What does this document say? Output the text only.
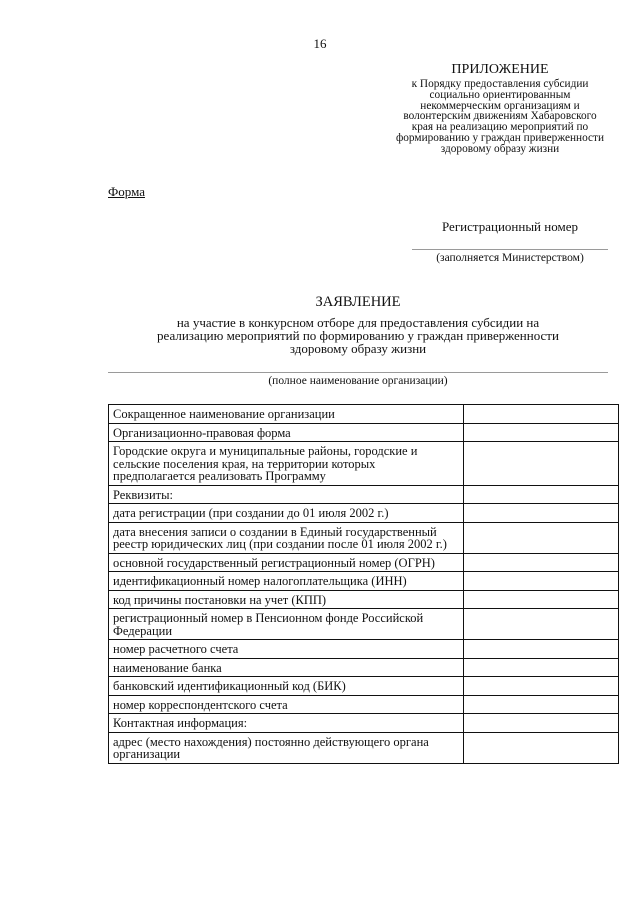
16
ПРИЛОЖЕНИЕ
к Порядку предоставления субсидии социально ориентированным некоммерческим организациям и волонтерским движениям Хабаровского края на реализацию мероприятий по формированию у граждан приверженности здоровому образу жизни
Форма
Регистрационный номер
(заполняется Министерством)
ЗАЯВЛЕНИЕ
на участие в конкурсном отборе для предоставления субсидии на реализацию мероприятий по формированию у граждан приверженности здоровому образу жизни
(полное наименование организации)
Сокращенное наименование организации	
Организационно-правовая форма	
Городские округа и муниципальные районы, городские и сельские поселения края, на территории которых предполагается реализовать Программу	
Реквизиты:	
дата регистрации (при создании до 01 июля 2002 г.)	
дата внесения записи о создании в Единый государственный реестр юридических лиц (при создании после 01 июля 2002 г.)	
основной государственный регистрационный номер (ОГРН)	
идентификационный номер налогоплательщика (ИНН)	
код причины постановки на учет (КПП)	
регистрационный номер в Пенсионном фонде Российской Федерации	
номер расчетного счета	
наименование банка	
банковский идентификационный код (БИК)	
номер корреспондентского счета	
Контактная информация:	
адрес (место нахождения) постоянно действующего органа организации	
